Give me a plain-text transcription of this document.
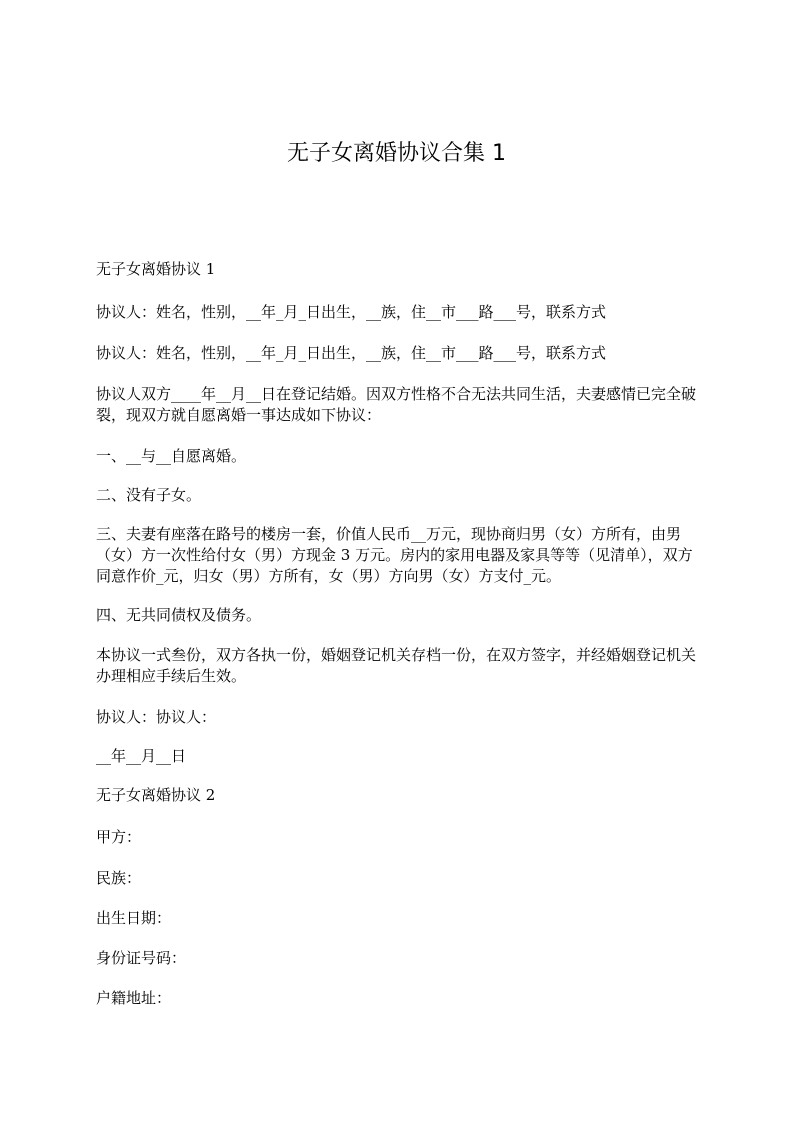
无子女离婚协议合集 1
无子女离婚协议 1
协议人：姓名，性别，__年_月_日出生，__族，住__市___路___号，联系方式
协议人：姓名，性别，__年_月_日出生，__族，住__市___路___号，联系方式
协议人双方____年__月__日在登记结婚。因双方性格不合无法共同生活，夫妻感情已完全破裂，现双方就自愿离婚一事达成如下协议：
一、__与__自愿离婚。
二、没有子女。
三、夫妻有座落在路号的楼房一套，价值人民币__万元，现协商归男（女）方所有，由男（女）方一次性给付女（男）方现金 3 万元。房内的家用电器及家具等等（见清单），双方同意作价_元，归女（男）方所有，女（男）方向男（女）方支付_元。
四、无共同债权及债务。
本协议一式叁份，双方各执一份，婚姻登记机关存档一份，在双方签字，并经婚姻登记机关办理相应手续后生效。
协议人：协议人：
__年__月__日
无子女离婚协议 2
甲方：
民族：
出生日期：
身份证号码：
户籍地址：
